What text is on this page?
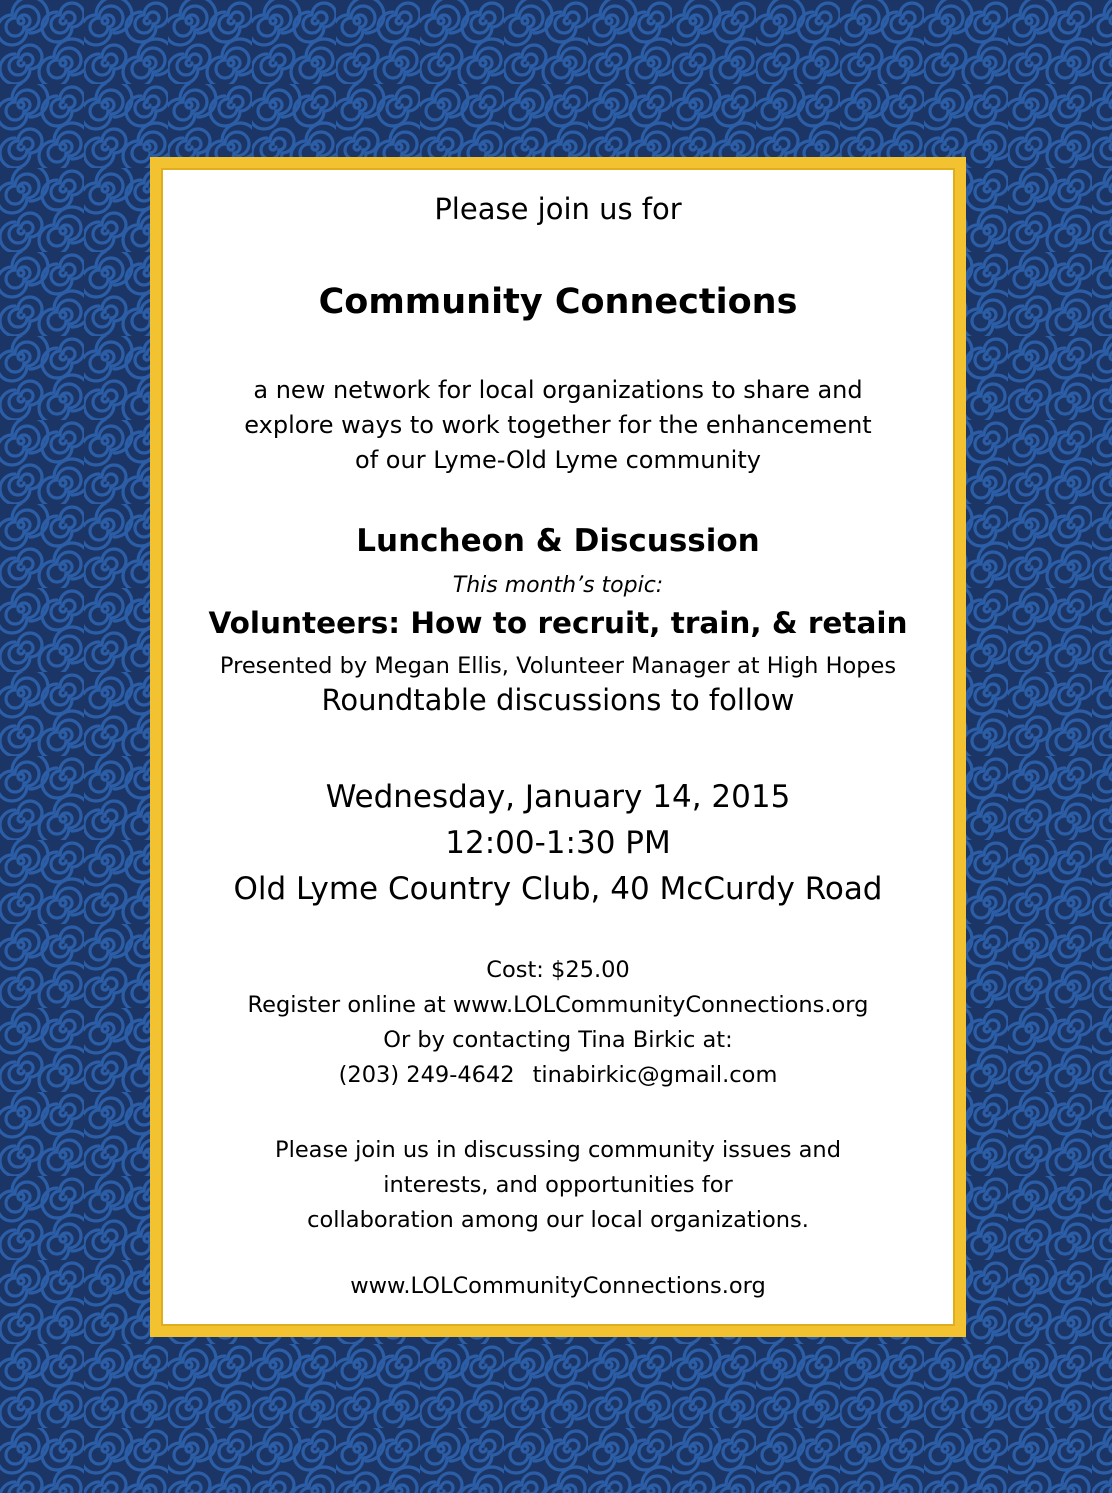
Please join us for
Community Connections
a new network for local organizations to share and
explore ways to work together for the enhancement
of our Lyme-Old Lyme community
Luncheon & Discussion
This month’s topic:
Volunteers: How to recruit, train, & retain
Presented by Megan Ellis, Volunteer Manager at High Hopes
Roundtable discussions to follow
Wednesday, January 14, 2015
12:00-1:30 PM
Old Lyme Country Club, 40 McCurdy Road
Cost: $25.00
Register online at www.LOLCommunityConnections.org
Or by contacting Tina Birkic at:
(203) 249-4642 tinabirkic@gmail.com
Please join us in discussing community issues and
interests, and opportunities for
collaboration among our local organizations.
www.LOLCommunityConnections.org
